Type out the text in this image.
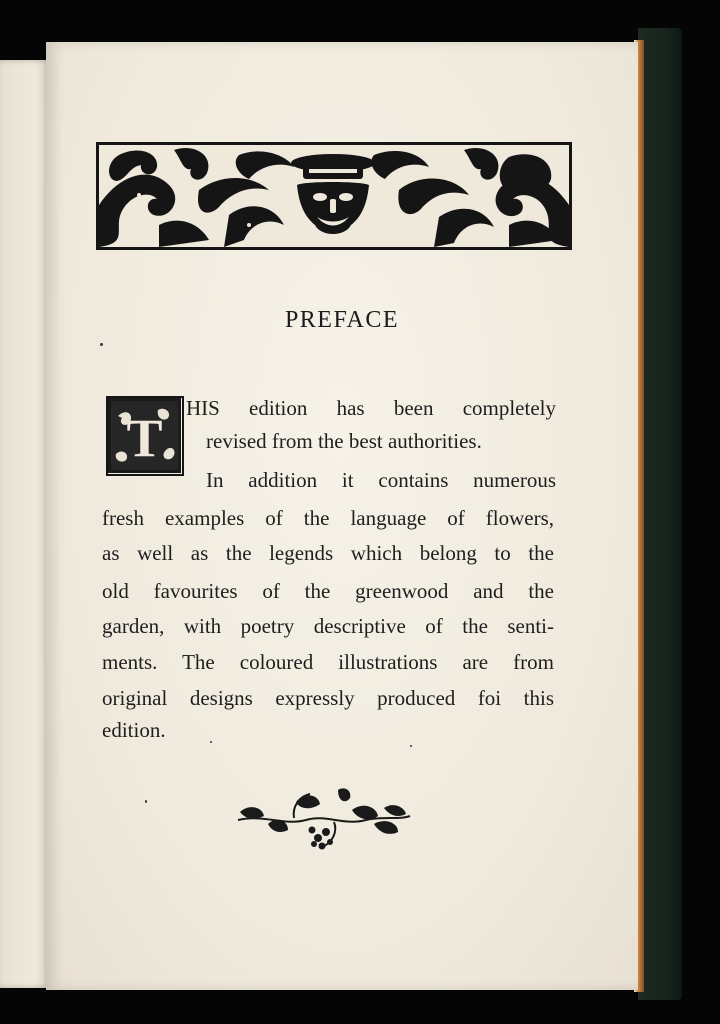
PREFACE
T HIS edition has been completely
revised from the best authorities.
In addition it contains numerous
fresh examples of the language of flowers,
as well as the legends which belong to the
old favourites of the greenwood and the
garden, with poetry descriptive of the senti-
ments. The coloured illustrations are from
original designs expressly produced foi this
edition.
